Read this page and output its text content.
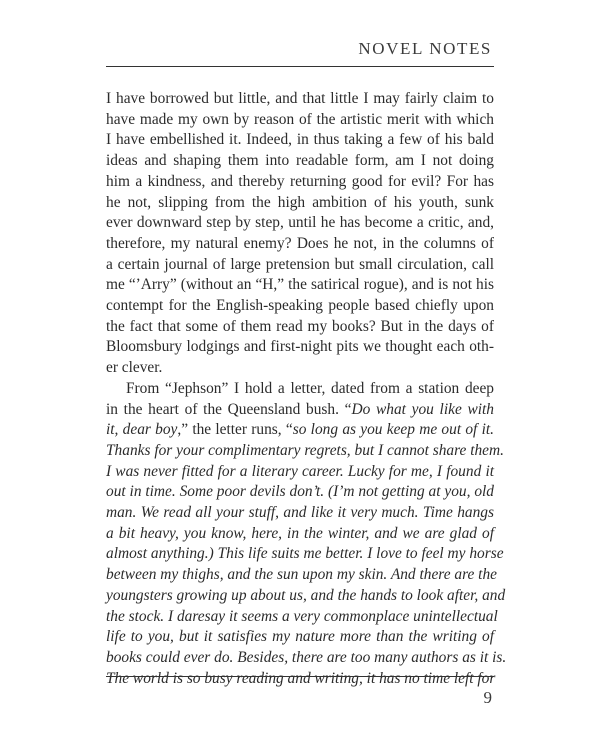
NOVEL NOTES

I have borrowed but little, and that little I may fairly claim to
have made my own by reason of the artistic merit with which
I have embellished it. Indeed, in thus taking a few of his bald
ideas and shaping them into readable form, am I not doing
him a kindness, and thereby returning good for evil? For has
he not, slipping from the high ambition of his youth, sunk
ever downward step by step, until he has become a critic, and,
therefore, my natural enemy? Does he not, in the columns of
a certain journal of large pretension but small circulation, call
me “’Arry” (without an “H,” the satirical rogue), and is not his
contempt for the English-speaking people based chiefly upon
the fact that some of them read my books? But in the days of
Bloomsbury lodgings and first-night pits we thought each oth-
er clever.

From “Jephson” I hold a letter, dated from a station deep
in the heart of the Queensland bush. “Do what you like with
it, dear boy,” the letter runs, “so long as you keep me out of it.
Thanks for your complimentary regrets, but I cannot share them.
I was never fitted for a literary career. Lucky for me, I found it
out in time. Some poor devils don’t. (I’m not getting at you, old
man. We read all your stuff, and like it very much. Time hangs
a bit heavy, you know, here, in the winter, and we are glad of
almost anything.) This life suits me better. I love to feel my horse
between my thighs, and the sun upon my skin. And there are the
youngsters growing up about us, and the hands to look after, and
the stock. I daresay it seems a very commonplace unintellectual
life to you, but it satisfies my nature more than the writing of
books could ever do. Besides, there are too many authors as it is.
The world is so busy reading and writing, it has no time left for

9
